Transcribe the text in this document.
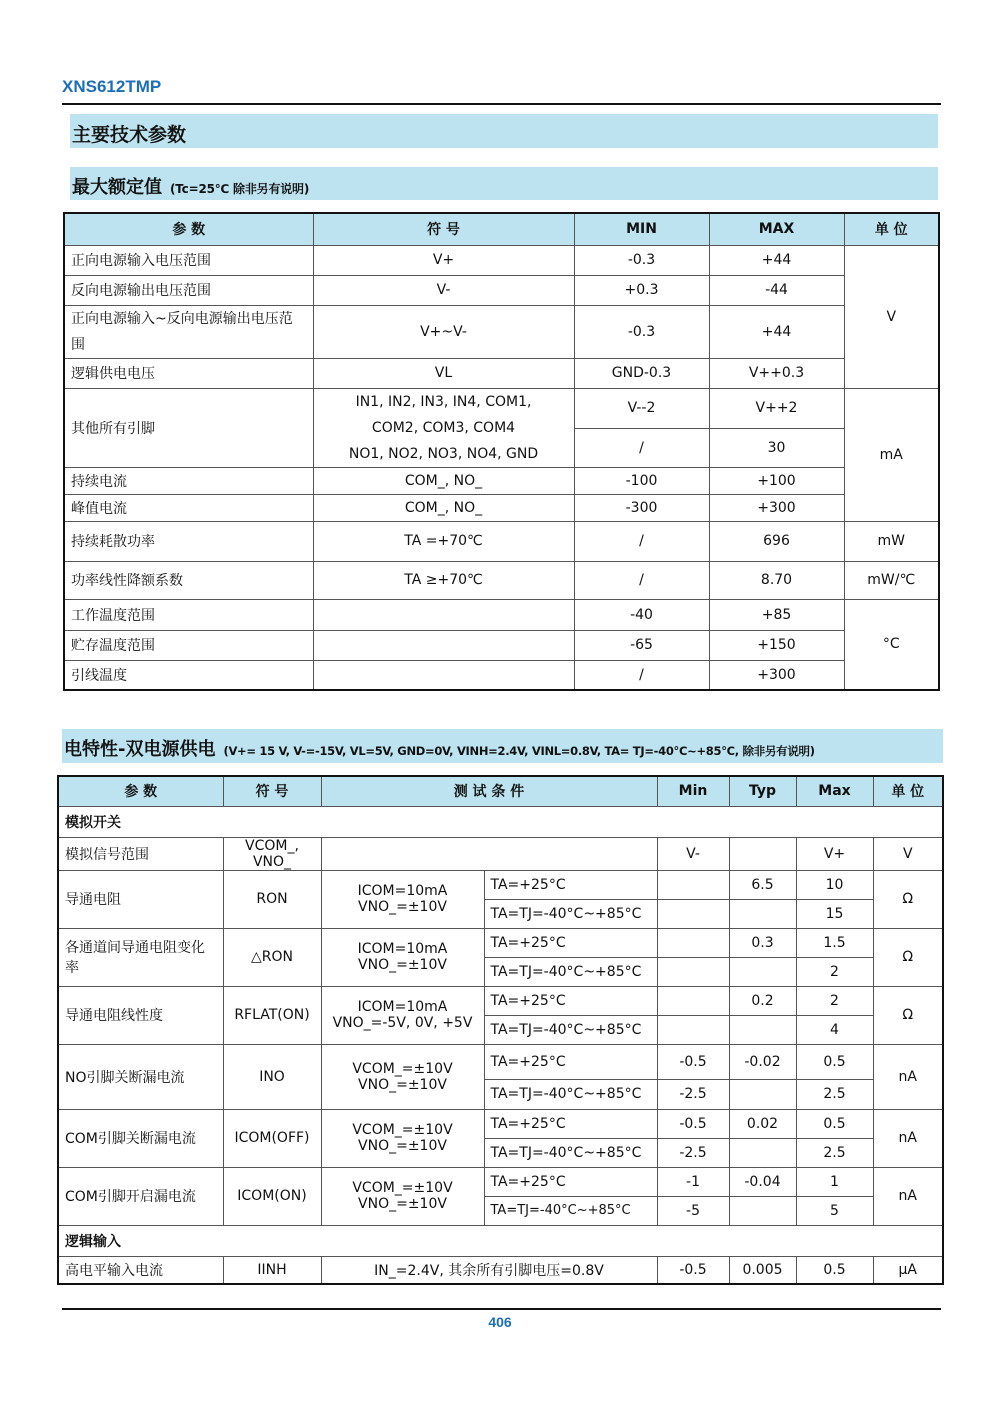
XNS612TMP
主要技术参数
最大额定值 (Tc=25℃ 除非另有说明)
参 数	符 号	MIN	MAX	单 位
正向电源输入电压范围	V+	-0.3	+44	V
反向电源输出电压范围	V-	+0.3	-44	
正向电源输入~反向电源输出电压范围	V+~V-	-0.3	+44	
逻辑供电电压	VL	GND-0.3	V++0.3	
其他所有引脚	IN1, IN2, IN3, IN4, COM1,
COM2, COM3, COM4
NO1, NO2, NO3, NO4, GND	V--2	V++2	mA
		/	30	
持续电流	COM_, NO_	-100	+100	
峰值电流	COM_, NO_	-300	+300	
持续耗散功率	TA =+70℃	/	696	mW
功率线性降额系数	TA ≥+70℃	/	8.70	mW/℃
工作温度范围		-40	+85	°C
贮存温度范围		-65	+150	
引线温度		/	+300	
电特性-双电源供电 (V+= 15 V, V-=-15V, VL=5V, GND=0V, VINH=2.4V, VINL=0.8V, TA= TJ=-40°C~+85°C, 除非另有说明)
参 数	符 号	测 试 条 件		Min	Typ	Max	单 位
模拟开关							
模拟信号范围	VCOM_, VNO_			V-		V+	V
导通电阻	RON	ICOM=10mA
VNO_=±10V	TA=+25°C		6.5	10	Ω
			TA=TJ=-40°C~+85°C			15	
各通道间导通电阻变化率	△RON	ICOM=10mA
VNO_=±10V	TA=+25°C		0.3	1.5	Ω
			TA=TJ=-40°C~+85°C			2	
导通电阻线性度	RFLAT(ON)	ICOM=10mA
VNO_=-5V, 0V, +5V	TA=+25°C		0.2	2	Ω
			TA=TJ=-40°C~+85°C			4	
NO引脚关断漏电流	INO	VCOM_=±10V
VNO_=±10V	TA=+25°C	-0.5	-0.02	0.5	nA
			TA=TJ=-40°C~+85°C	-2.5		2.5	
COM引脚关断漏电流	ICOM(OFF)	VCOM_=±10V
VNO_=±10V	TA=+25°C	-0.5	0.02	0.5	nA
			TA=TJ=-40°C~+85°C	-2.5		2.5	
COM引脚开启漏电流	ICOM(ON)	VCOM_=±10V
VNO_=±10V	TA=+25°C	-1	-0.04	1	nA
			TA=TJ=-40°C~+85°C	-5		5	
逻辑输入							
高电平输入电流	IINH	IN_=2.4V, 其余所有引脚电压=0.8V		-0.5	0.005	0.5	μA
406
